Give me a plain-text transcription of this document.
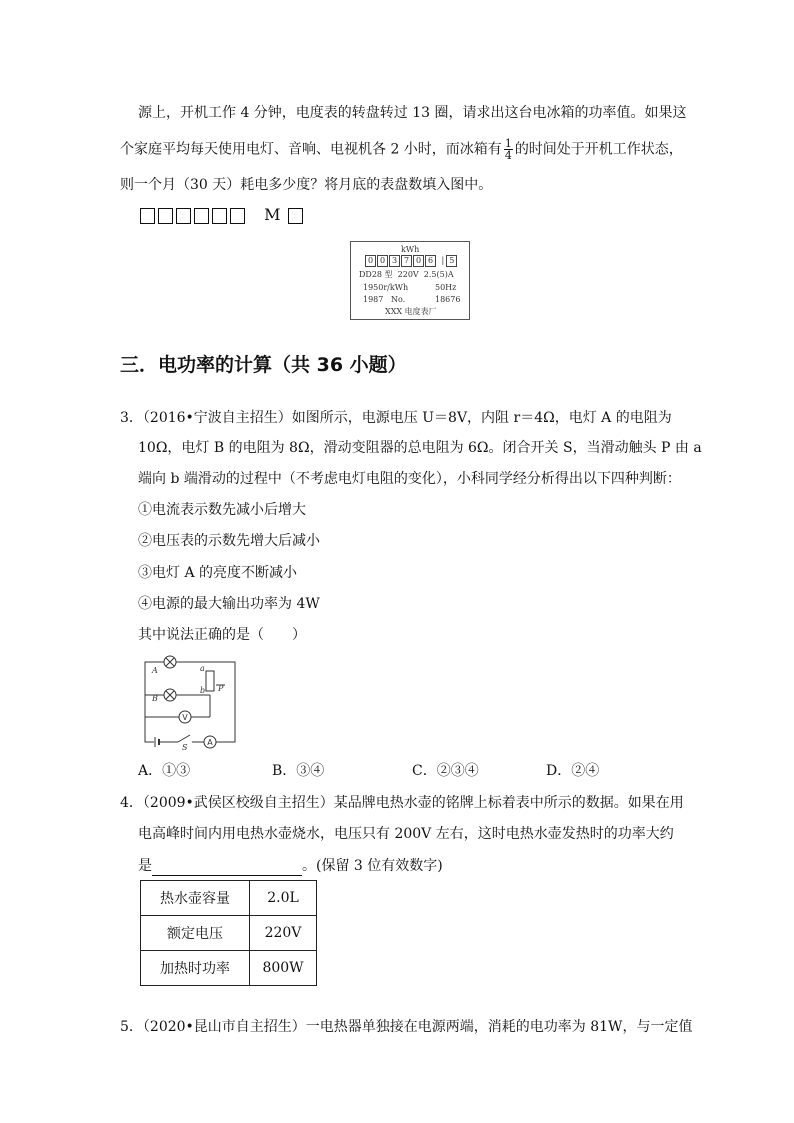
源上，开机工作 4 分钟，电度表的转盘转过 13 圈，请求出这台电冰箱的功率值。如果这
个家庭平均每天使用电灯、音响、电视机各 2 小时，而冰箱有 $\frac{1}{4}$ 的时间处于开机工作状态，
则一个月（30 天）耗电多少度？将月底的表盘数填入图中。
M
kWh
0 0 3 7 0 6 | 5
DD28 型 220V 2.5(5)A
1950r/kWh	50Hz
1987 No.	18676
XXX 电度表厂
三．电功率的计算（共 36 小题）
3．（2016•宁波自主招生）如图所示，电源电压 U＝8V，内阻 r＝4Ω，电灯 A 的电阻为
10Ω，电灯 B 的电阻为 8Ω，滑动变阻器的总电阻为 6Ω。闭合开关 S，当滑动触头 P 由 a
端向 b 端滑动的过程中（不考虑电灯电阻的变化），小科同学经分析得出以下四种判断：
①电流表示数先减小后增大
②电压表的示数先增大后减小
③电灯 A 的亮度不断减小
④电源的最大输出功率为 4W
其中说法正确的是（　　）
V
A
A
B
a
b P
S
A．①③	B．③④	C．②③④	D．②④
4．（2009•武侯区校级自主招生）某品牌电热水壶的铭牌上标着表中所示的数据。如果在用
电高峰时间内用电热水壶烧水，电压只有 200V 左右，这时电热水壶发热时的功率大约
是	。(保留 3 位有效数字)
热水壶容量	2.0L
额定电压	220V
加热时功率	800W
5．（2020•昆山市自主招生）一电热器单独接在电源两端，消耗的电功率为 81W，与一定值
